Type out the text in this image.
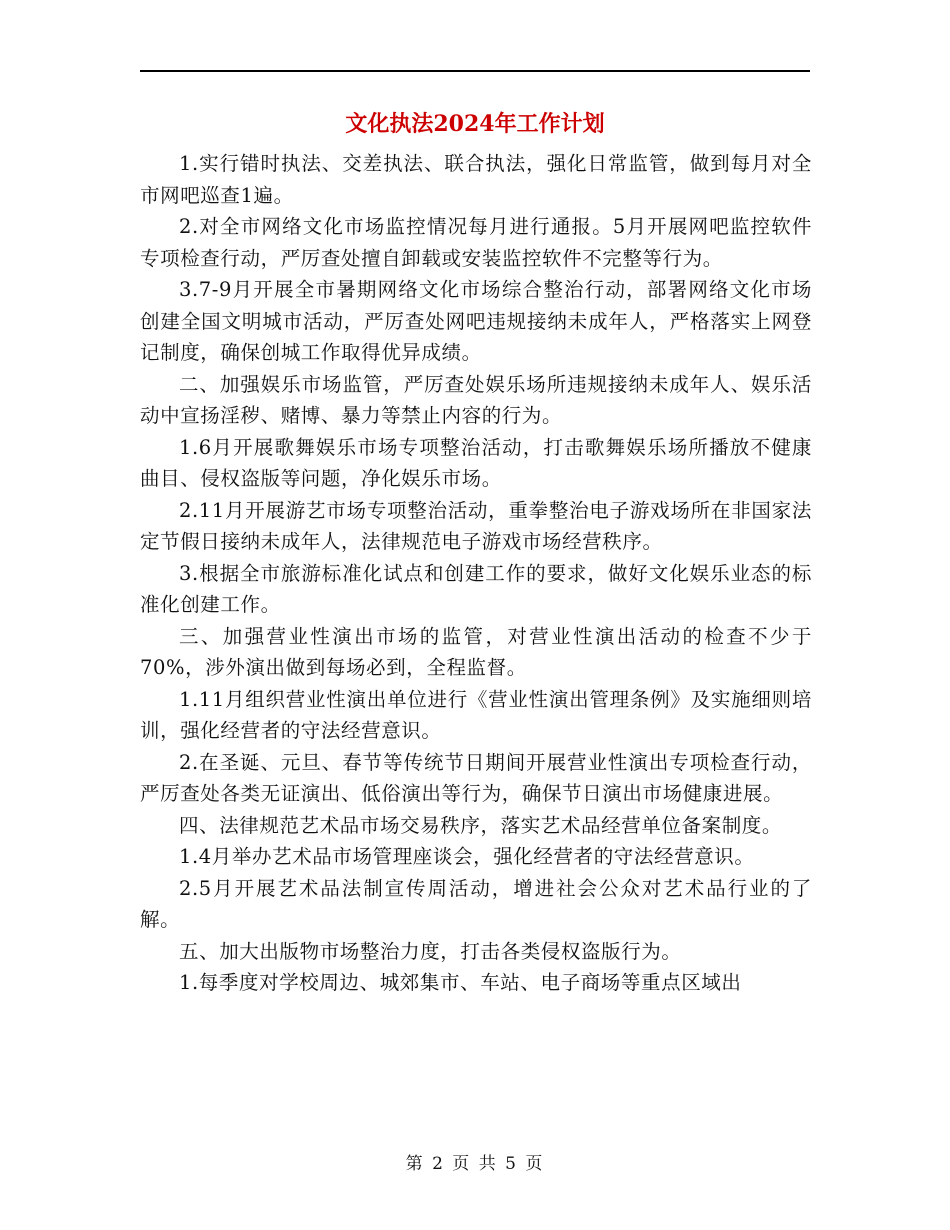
文化执法2024年工作计划

1.实行错时执法、交差执法、联合执法，强化日常监管，做到每月对全市网吧巡查1遍。

2.对全市网络文化市场监控情况每月进行通报。5月开展网吧监控软件专项检查行动，严厉查处擅自卸载或安装监控软件不完整等行为。

3.7-9月开展全市暑期网络文化市场综合整治行动，部署网络文化市场创建全国文明城市活动，严厉查处网吧违规接纳未成年人，严格落实上网登记制度，确保创城工作取得优异成绩。

二、加强娱乐市场监管，严厉查处娱乐场所违规接纳未成年人、娱乐活动中宣扬淫秽、赌博、暴力等禁止内容的行为。

1.6月开展歌舞娱乐市场专项整治活动，打击歌舞娱乐场所播放不健康曲目、侵权盗版等问题，净化娱乐市场。

2.11月开展游艺市场专项整治活动，重拳整治电子游戏场所在非国家法定节假日接纳未成年人，法律规范电子游戏市场经营秩序。

3.根据全市旅游标准化试点和创建工作的要求，做好文化娱乐业态的标准化创建工作。

三、加强营业性演出市场的监管，对营业性演出活动的检查不少于70%，涉外演出做到每场必到，全程监督。

1.11月组织营业性演出单位进行《营业性演出管理条例》及实施细则培训，强化经营者的守法经营意识。

2.在圣诞、元旦、春节等传统节日期间开展营业性演出专项检查行动，严厉查处各类无证演出、低俗演出等行为，确保节日演出市场健康进展。

四、法律规范艺术品市场交易秩序，落实艺术品经营单位备案制度。

1.4月举办艺术品市场管理座谈会，强化经营者的守法经营意识。

2.5月开展艺术品法制宣传周活动，增进社会公众对艺术品行业的了解。

五、加大出版物市场整治力度，打击各类侵权盗版行为。

1.每季度对学校周边、城郊集市、车站、电子商场等重点区域出

第 2 页 共 5 页
